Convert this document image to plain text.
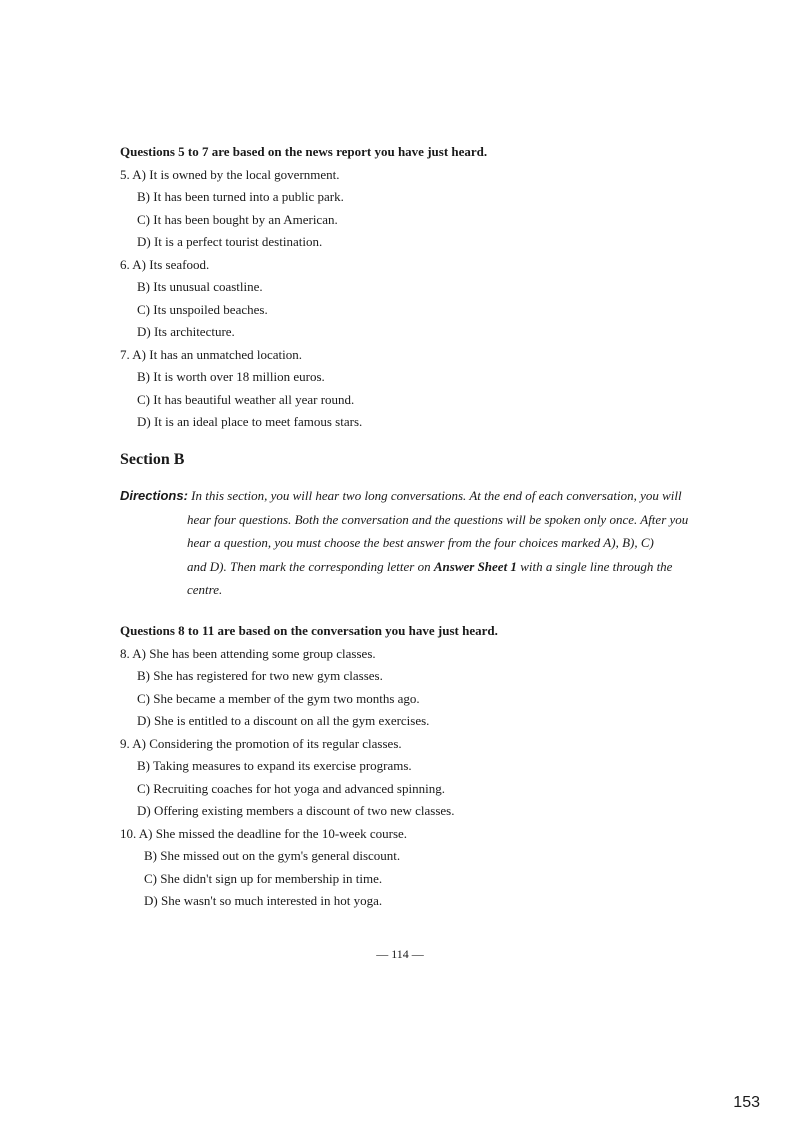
Questions 5 to 7 are based on the news report you have just heard.
5. A) It is owned by the local government.
B) It has been turned into a public park.
C) It has been bought by an American.
D) It is a perfect tourist destination.
6. A) Its seafood.
B) Its unusual coastline.
C) Its unspoiled beaches.
D) Its architecture.
7. A) It has an unmatched location.
B) It is worth over 18 million euros.
C) It has beautiful weather all year round.
D) It is an ideal place to meet famous stars.
Section B
Directions: In this section, you will hear two long conversations. At the end of each conversation, you will
hear four questions. Both the conversation and the questions will be spoken only once. After you
hear a question, you must choose the best answer from the four choices marked A), B), C)
and D). Then mark the corresponding letter on Answer Sheet 1 with a single line through the
centre.
Questions 8 to 11 are based on the conversation you have just heard.
8. A) She has been attending some group classes.
B) She has registered for two new gym classes.
C) She became a member of the gym two months ago.
D) She is entitled to a discount on all the gym exercises.
9. A) Considering the promotion of its regular classes.
B) Taking measures to expand its exercise programs.
C) Recruiting coaches for hot yoga and advanced spinning.
D) Offering existing members a discount of two new classes.
10. A) She missed the deadline for the 10-week course.
B) She missed out on the gym's general discount.
C) She didn't sign up for membership in time.
D) She wasn't so much interested in hot yoga.
— 114 —
153
